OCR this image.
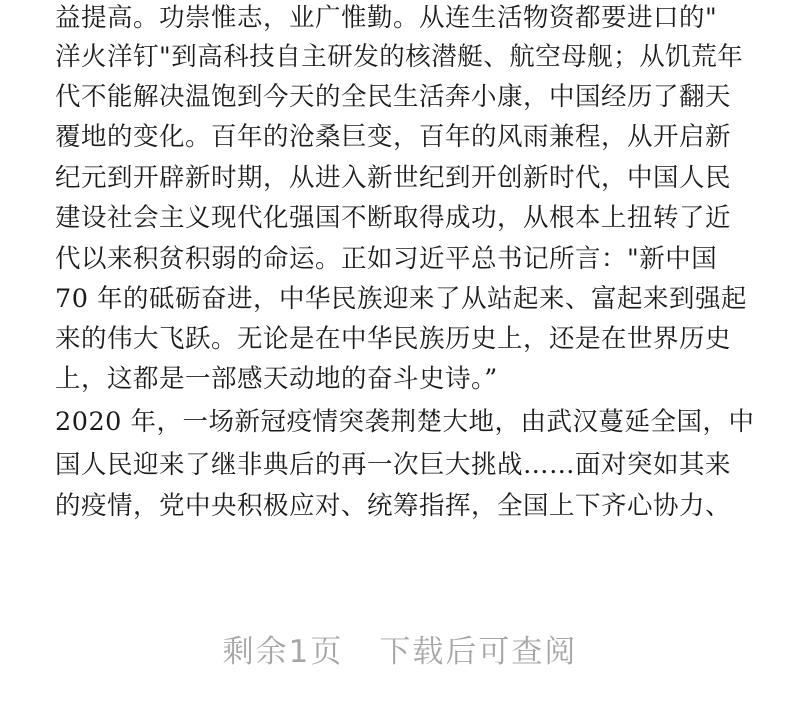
益提高。功崇惟志，业广惟勤。从连生活物资都要进口的"
洋火洋钉"到高科技自主研发的核潜艇、航空母舰；从饥荒年
代不能解决温饱到今天的全民生活奔小康，中国经历了翻天
覆地的变化。百年的沧桑巨变，百年的风雨兼程，从开启新
纪元到开辟新时期，从进入新世纪到开创新时代，中国人民
建设社会主义现代化强国不断取得成功，从根本上扭转了近
代以来积贫积弱的命运。正如习近平总书记所言："新中国
70 年的砥砺奋进，中华民族迎来了从站起来、富起来到强起
来的伟大飞跃。无论是在中华民族历史上，还是在世界历史
上，这都是一部感天动地的奋斗史诗。”
2020 年，一场新冠疫情突袭荆楚大地，由武汉蔓延全国，中
国人民迎来了继非典后的再一次巨大挑战……面对突如其来
的疫情，党中央积极应对、统筹指挥，全国上下齐心协力、
剩余1页 下载后可查阅
